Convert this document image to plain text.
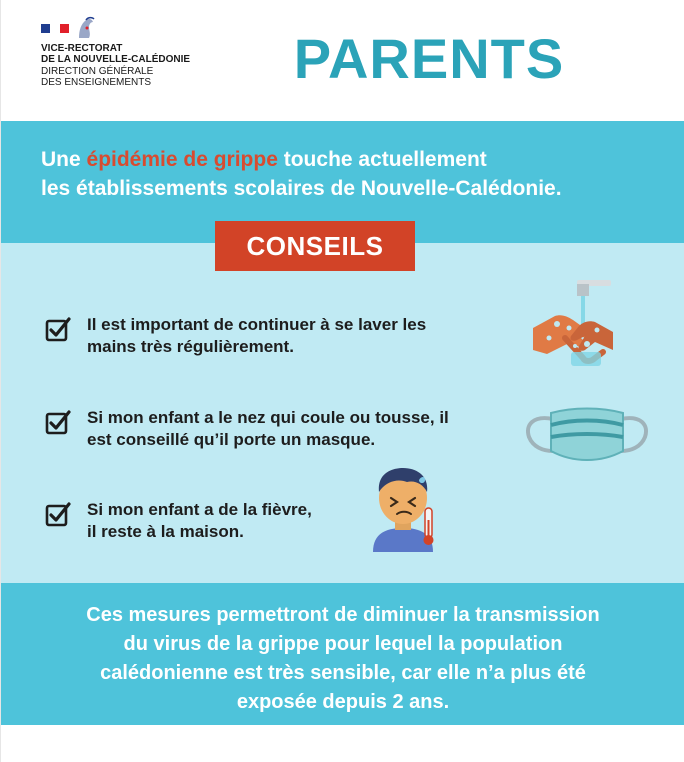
VICE-RECTORAT
DE LA NOUVELLE-CALÉDONIE
DIRECTION GÉNÉRALE
DES ENSEIGNEMENTS	PARENTS
Une épidémie de grippe touche actuellement
les établissements scolaires de Nouvelle-Calédonie.
CONSEILS
Il est important de continuer à se laver les
mains très régulièrement.
Si mon enfant a le nez qui coule ou tousse, il
est conseillé qu’il porte un masque.
Si mon enfant a de la fièvre,
il reste à la maison.
Ces mesures permettront de diminuer la transmission
du virus de la grippe pour lequel la population
calédonienne est très sensible, car elle n’a plus été
exposée depuis 2 ans.
